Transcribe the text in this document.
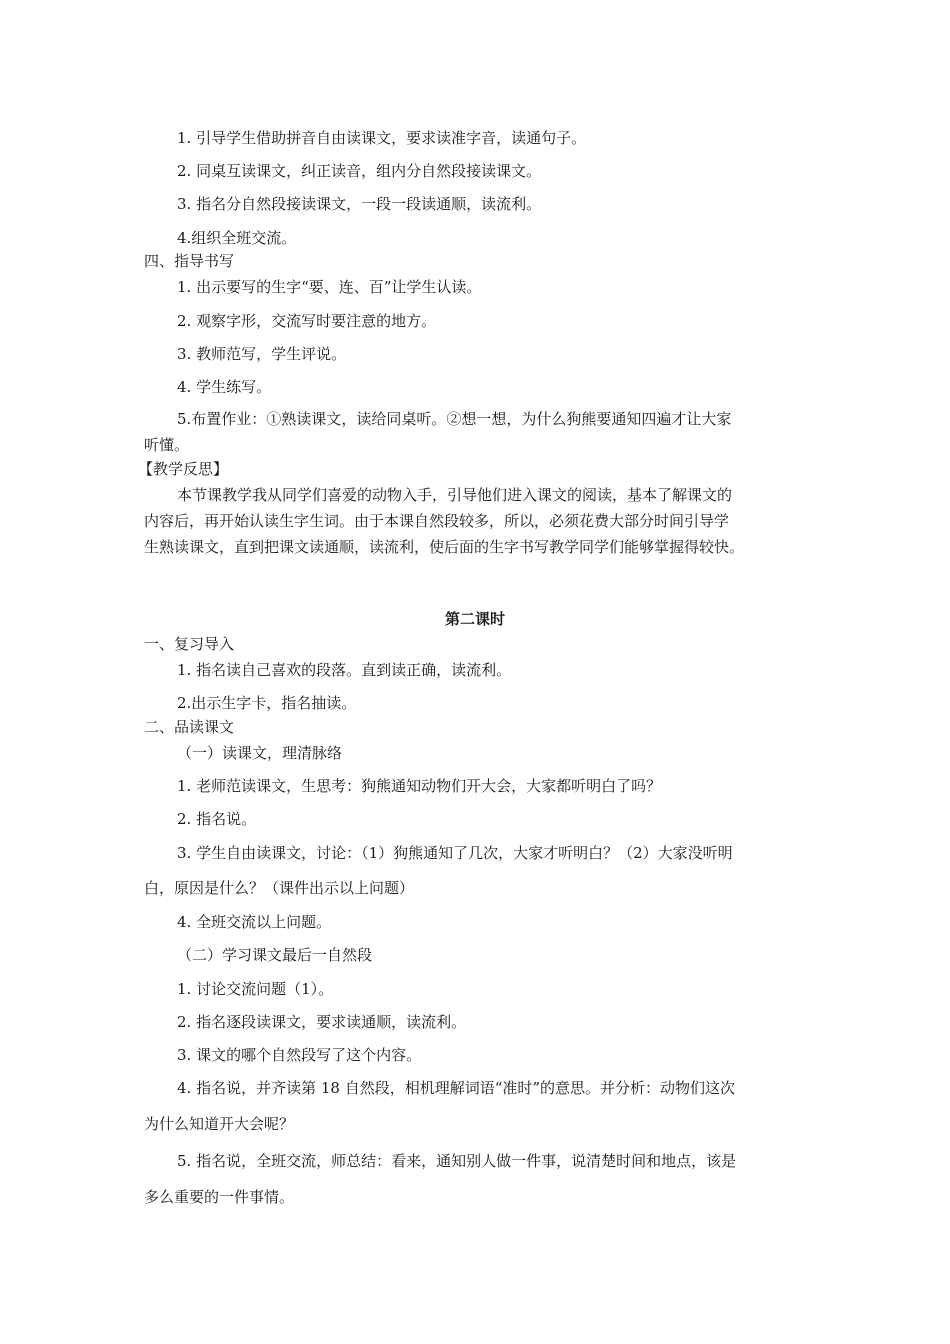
1. 引导学生借助拼音自由读课文，要求读准字音，读通句子。
2. 同桌互读课文，纠正读音，组内分自然段接读课文。
3. 指名分自然段接读课文，一段一段读通顺，读流利。
4.组织全班交流。
四、指导书写
1. 出示要写的生字“要、连、百”让学生认读。
2. 观察字形，交流写时要注意的地方。
3. 教师范写，学生评说。
4. 学生练写。
5.布置作业：①熟读课文，读给同桌听。②想一想，为什么狗熊要通知四遍才让大家
听懂。
【教学反思】
本节课教学我从同学们喜爱的动物入手，引导他们进入课文的阅读，基本了解课文的
内容后，再开始认读生字生词。由于本课自然段较多，所以，必须花费大部分时间引导学
生熟读课文，直到把课文读通顺，读流利，使后面的生字书写教学同学们能够掌握得较快。
第二课时
一、复习导入
1. 指名读自己喜欢的段落。直到读正确，读流利。
2.出示生字卡，指名抽读。
二、品读课文
（一）读课文，理清脉络
1. 老师范读课文，生思考：狗熊通知动物们开大会，大家都听明白了吗？
2. 指名说。
3. 学生自由读课文，讨论：（1）狗熊通知了几次，大家才听明白？（2）大家没听明
白，原因是什么？（课件出示以上问题）
4. 全班交流以上问题。
（二）学习课文最后一自然段
1. 讨论交流问题（1）。
2. 指名逐段读课文，要求读通顺，读流利。
3. 课文的哪个自然段写了这个内容。
4. 指名说，并齐读第 18 自然段，相机理解词语“准时”的意思。并分析：动物们这次
为什么知道开大会呢？
5. 指名说，全班交流，师总结：看来，通知别人做一件事，说清楚时间和地点，该是
多么重要的一件事情。
